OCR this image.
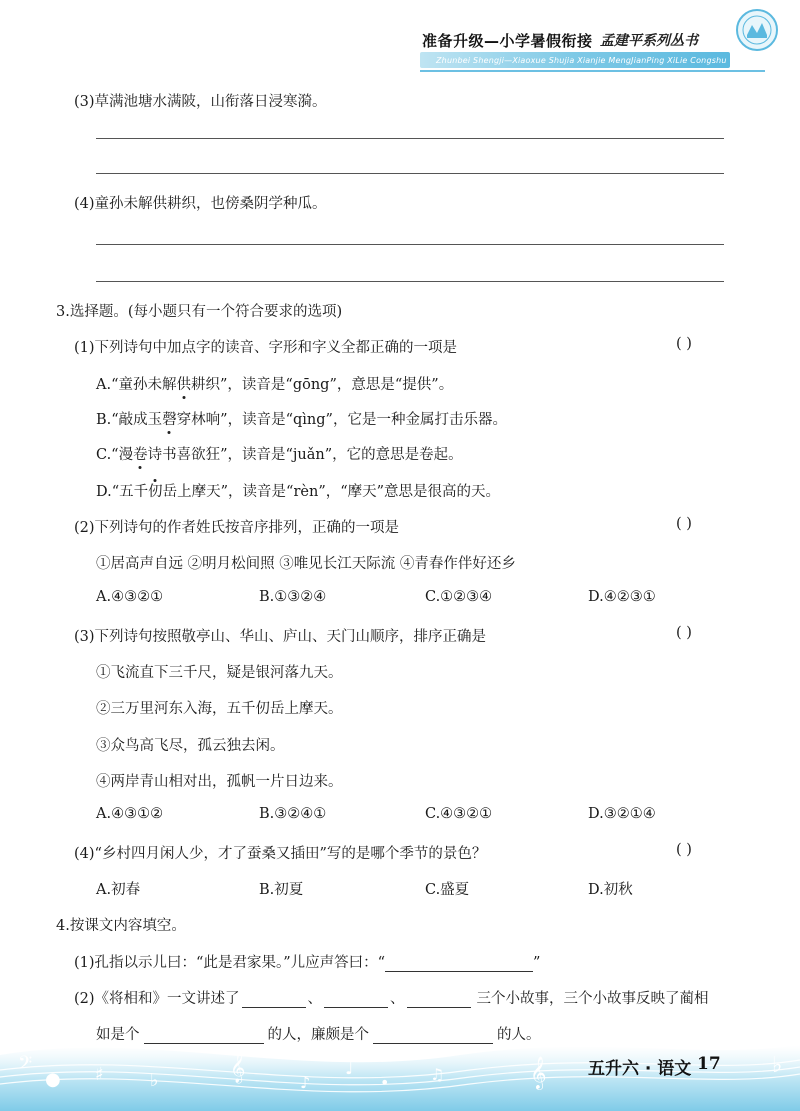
准备升级—小学暑假衔接 孟建平系列丛书
Zhunbei Shengji—Xiaoxue Shujia Xianjie MengJianPing XiLie Congshu
(3)草满池塘水满陂，山衔落日浸寒漪。
(4)童孙未解供耕织，也傍桑阴学种瓜。
3.选择题。(每小题只有一个符合要求的选项)
(1)下列诗句中加点字的读音、字形和字义全都正确的一项是	( )
A.“童孙未解供耕织”，读音是“gōng”，意思是“提供”。
B.“敲成玉磬穿林响”，读音是“qìng”，它是一种金属打击乐器。
C.“漫卷诗书喜欲狂”，读音是“juǎn”，它的意思是卷起。
D.“五千仞岳上摩天”，读音是“rèn”，“摩天”意思是很高的天。
(2)下列诗句的作者姓氏按音序排列，正确的一项是	( )
①居高声自远 ②明月松间照 ③唯见长江天际流 ④青春作伴好还乡
A.④③②①	B.①③②④	C.①②③④	D.④②③①
(3)下列诗句按照敬亭山、华山、庐山、天门山顺序，排序正确是	( )
①飞流直下三千尺，疑是银河落九天。
②三万里河东入海，五千仞岳上摩天。
③众鸟高飞尽，孤云独去闲。
④两岸青山相对出，孤帆一片日边来。
A.④③①②	B.③②④①	C.④③②①	D.③②①④
(4)“乡村四月闲人少，才了蚕桑又插田”写的是哪个季节的景色？	( )
A.初春	B.初夏	C.盛夏	D.初秋
4.按课文内容填空。
(1)孔指以示儿曰：“此是君家果。”儿应声答曰：“	”
(2)《将相和》一文讲述了	、	、	三个小故事，三个小故事反映了蔺相
如是个	的人，廉颇是个	的人。
𝄢
● ♯	♭	𝄞	♪
♩
•	♫	𝄞	♭
五升六 · 语文 17
